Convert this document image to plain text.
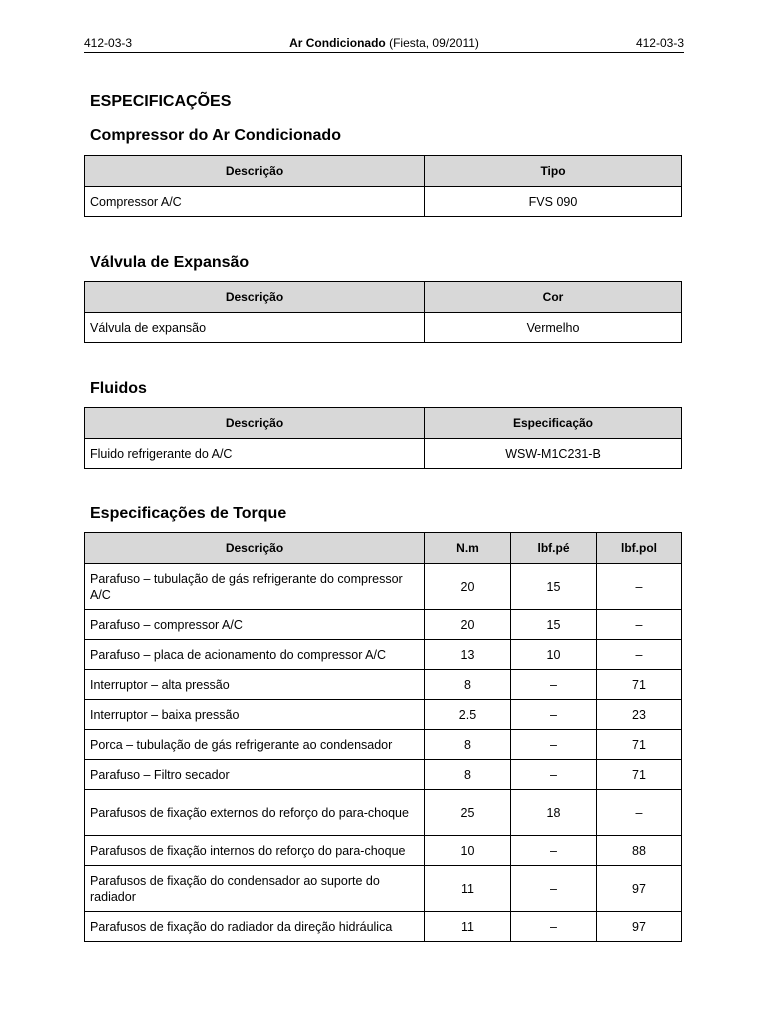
412-03-3	Ar Condicionado (Fiesta, 09/2011)	412-03-3
ESPECIFICAÇÕES
Compressor do Ar Condicionado
Descrição	Tipo
Compressor A/C	FVS 090
Válvula de Expansão
Descrição	Cor
Válvula de expansão	Vermelho
Fluidos
Descrição	Especificação
Fluido refrigerante do A/C	WSW-M1C231-B
Especificações de Torque
Descrição	N.m	lbf.pé	lbf.pol
Parafuso – tubulação de gás refrigerante do compressor A/C	20	15	–
Parafuso – compressor A/C	20	15	–
Parafuso – placa de acionamento do compressor A/C	13	10	–
Interruptor – alta pressão	8	–	71
Interruptor – baixa pressão	2.5	–	23
Porca – tubulação de gás refrigerante ao condensador	8	–	71
Parafuso – Filtro secador	8	–	71
Parafusos de fixação externos do reforço do para-choque	25	18	–
Parafusos de fixação internos do reforço do para-choque	10	–	88
Parafusos de fixação do condensador ao suporte do radiador	11	–	97
Parafusos de fixação do radiador da direção hidráulica	11	–	97
